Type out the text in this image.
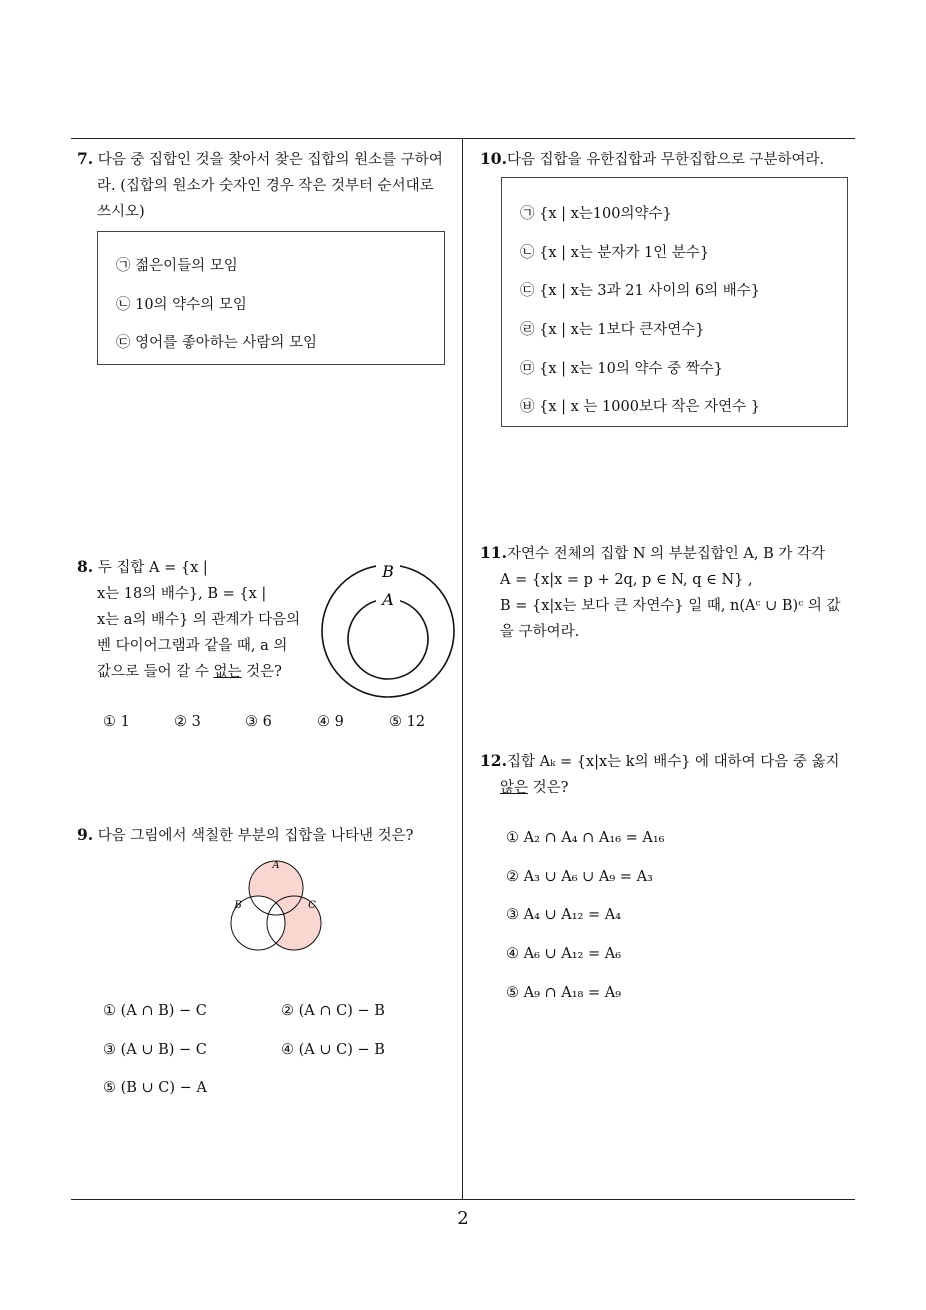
7. 다음 중 집합인 것을 찾아서 찾은 집합의 원소를 구하여
라. (집합의 원소가 숫자인 경우 작은 것부터 순서대로
쓰시오)
㉠ 젊은이들의 모임
㉡ 10의 약수의 모임
㉢ 영어를 좋아하는 사람의 모임
8. 두 집합 A = {x |
x는 18의 배수}, B = {x |
x는 a의 배수} 의 관계가 다음의
벤 다이어그램과 같을 때, a 의
값으로 들어 갈 수 없는 것은?
B
A
① 1	② 3	③ 6	④ 9	⑤ 12
9. 다음 그림에서 색칠한 부분의 집합을 나타낸 것은?
A
B	C
① (A ∩ B) − C	② (A ∩ C) − B
③ (A ∪ B) − C	④ (A ∪ C) − B
⑤ (B ∪ C) − A
10.다음 집합을 유한집합과 무한집합으로 구분하여라.
㉠ {x | x는100의약수}
㉡ {x | x는 분자가 1인 분수}
㉢ {x | x는 3과 21 사이의 6의 배수}
㉣ {x | x는 1보다 큰자연수}
㉤ {x | x는 10의 약수 중 짝수}
㉥ {x | x 는 1000보다 작은 자연수 }
11.자연수 전체의 집합 N 의 부분집합인 A, B 가 각각
A = {x|x = p + 2q, p ∈ N, q ∈ N} ,
B = {x|x는 보다 큰 자연수} 일 때, n(Aᶜ ∪ B)ᶜ 의 값
을 구하여라.
12.집합 Aₖ = {x|x는 k의 배수} 에 대하여 다음 중 옳지
않은 것은?
① A₂ ∩ A₄ ∩ A₁₆ = A₁₆
② A₃ ∪ A₆ ∪ A₉ = A₃
③ A₄ ∪ A₁₂ = A₄
④ A₆ ∪ A₁₂ = A₆
⑤ A₉ ∩ A₁₈ = A₉
2
